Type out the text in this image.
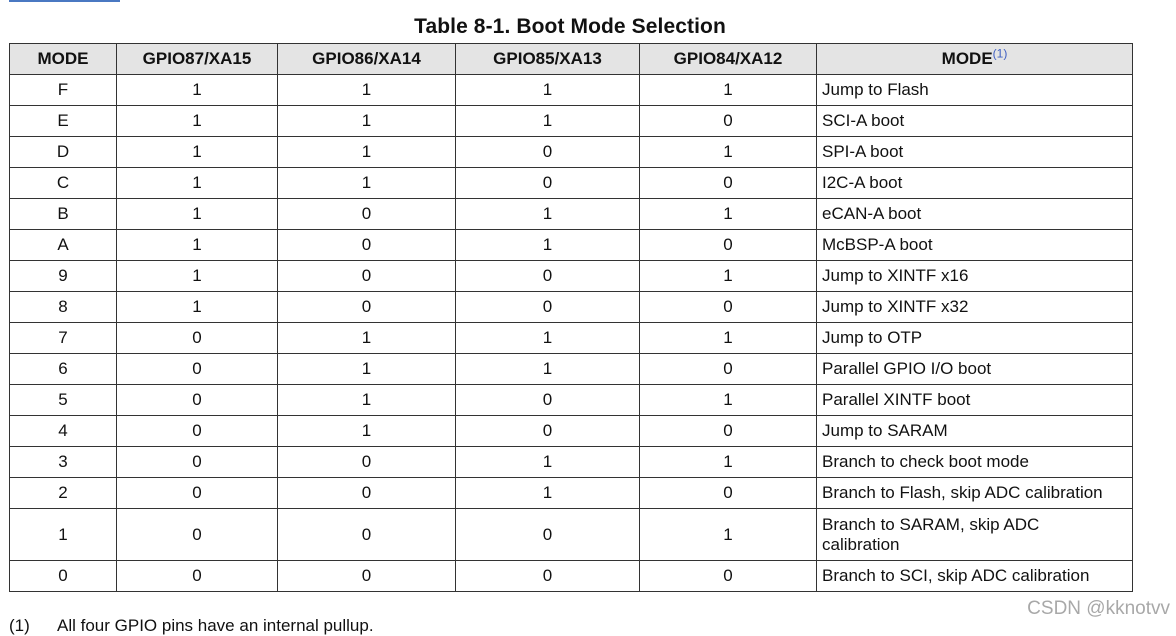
Table 8-1. Boot Mode Selection
MODE	GPIO87/XA15	GPIO86/XA14	GPIO85/XA13	GPIO84/XA12	MODE$^{(1)}$
F	1	1	1	1	Jump to Flash
E	1	1	1	0	SCI-A boot
D	1	1	0	1	SPI-A boot
C	1	1	0	0	I2C-A boot
B	1	0	1	1	eCAN-A boot
A	1	0	1	0	McBSP-A boot
9	1	0	0	1	Jump to XINTF x16
8	1	0	0	0	Jump to XINTF x32
7	0	1	1	1	Jump to OTP
6	0	1	1	0	Parallel GPIO I/O boot
5	0	1	0	1	Parallel XINTF boot
4	0	1	0	0	Jump to SARAM
3	0	0	1	1	Branch to check boot mode
2	0	0	1	0	Branch to Flash, skip ADC calibration
1	0	0	0	1	Branch to SARAM, skip ADC
calibration
0	0	0	0	0	Branch to SCI, skip ADC calibration
(1) All four GPIO pins have an internal pullup.
CSDN @kknotvv
